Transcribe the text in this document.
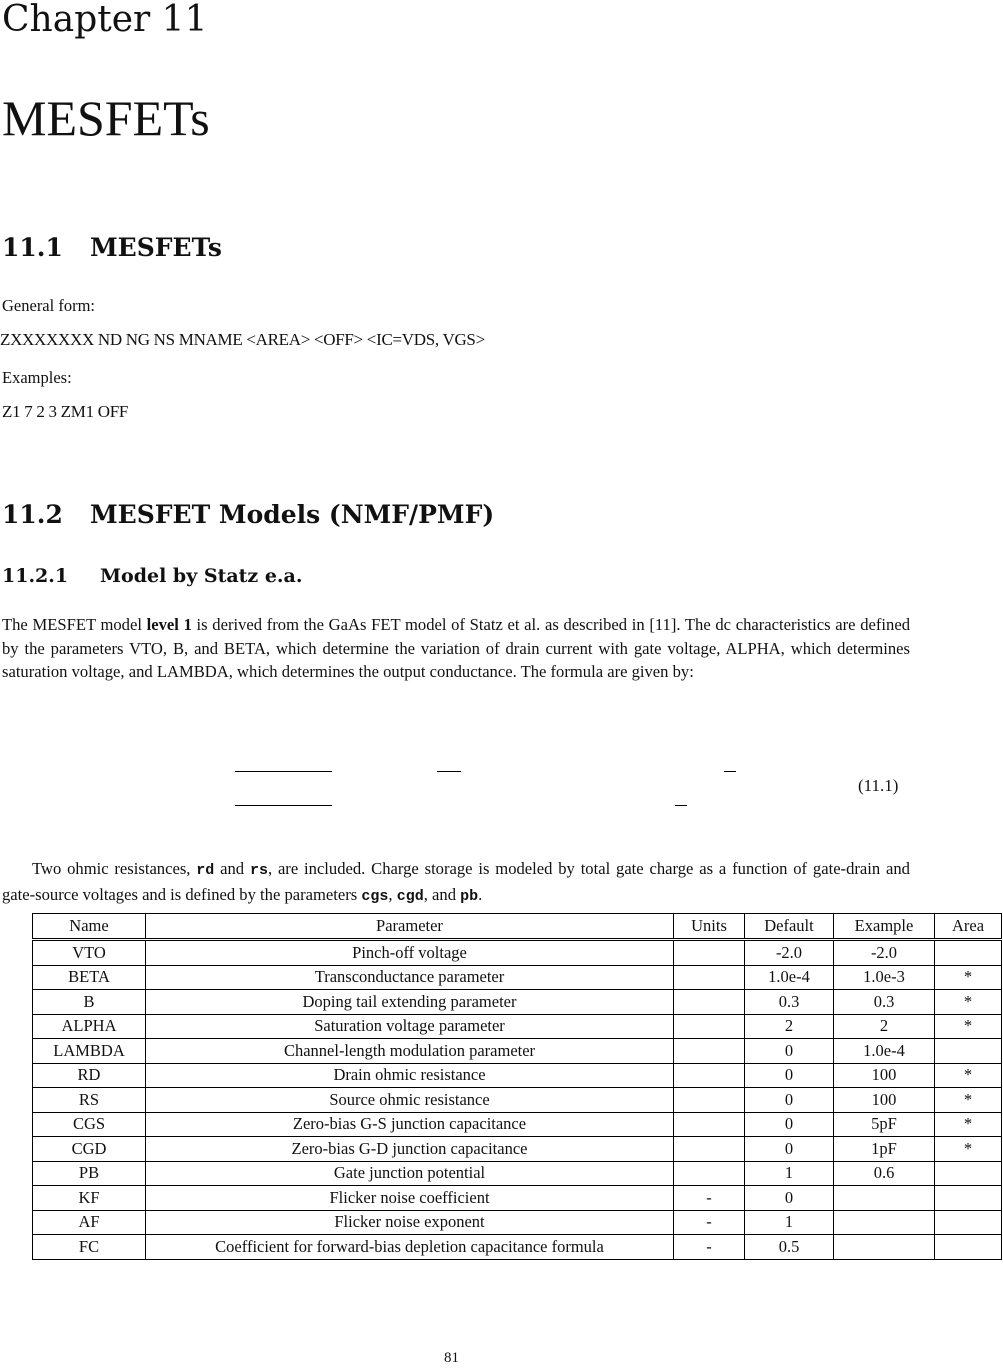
Chapter 11
MESFETs
11.1 MESFETs
General form:
ZXXXXXXX ND NG NS MNAME <AREA> <OFF> <IC=VDS, VGS>
Examples:
Z1 7 2 3 ZM1 OFF
11.2 MESFET Models (NMF/PMF)
11.2.1 Model by Statz e.a.
The MESFET model level 1 is derived from the GaAs FET model of Statz et al. as described in [11]. The dc characteristics are defined by the parameters VTO, B, and BETA, which determine the variation of drain current with gate voltage, ALPHA, which determines saturation voltage, and LAMBDA, which determines the output conductance. The formula are given by:
(11.1)
Two ohmic resistances, rd and rs, are included. Charge storage is modeled by total gate charge as a function of gate-drain and gate-source voltages and is defined by the parameters cgs, cgd, and pb.
Name	Parameter	Units	Default	Example	Area
VTO	Pinch-off voltage		-2.0	-2.0	
BETA	Transconductance parameter		1.0e-4	1.0e-3	*
B	Doping tail extending parameter		0.3	0.3	*
ALPHA	Saturation voltage parameter		2	2	*
LAMBDA	Channel-length modulation parameter		0	1.0e-4	
RD	Drain ohmic resistance		0	100	*
RS	Source ohmic resistance		0	100	*
CGS	Zero-bias G-S junction capacitance		0	5pF	*
CGD	Zero-bias G-D junction capacitance		0	1pF	*
PB	Gate junction potential		1	0.6	
KF	Flicker noise coefficient	-	0		
AF	Flicker noise exponent	-	1		
FC	Coefficient for forward-bias depletion capacitance formula	-	0.5		
81
